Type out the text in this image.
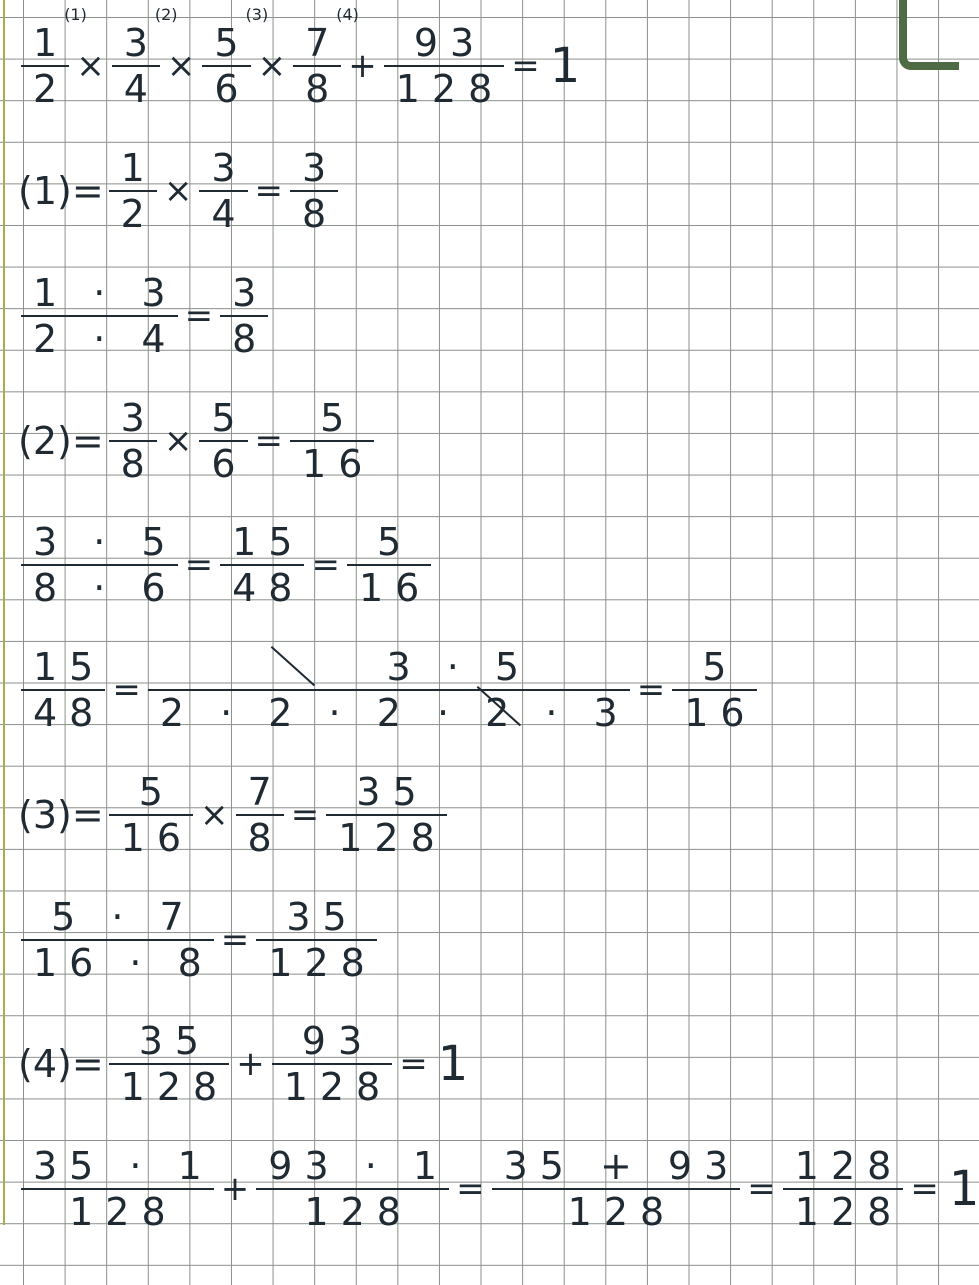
$\frac{1}{2}$
(1)
× $\frac{3}{4}$
(2)
× $\frac{5}{6}$
(3)
× $\frac{7}{8}$
(4)
+ $\frac{93}{128} = 1$
$(1)= \frac{1}{2} \times \frac{3}{4} = \frac{3}{8}$
$\frac{1 \cdot 3}{2 \cdot 4} = \frac{3}{8}$
$(2)= \frac{3}{8} \times \frac{5}{6} = \frac{5}{16}$
$\frac{3 \cdot 5}{8 \cdot 6} = \frac{15}{48} = \frac{5}{16}$
$\frac{15}{48} = \frac{3 \cdot 5}{2 \cdot 2 \cdot 2 \cdot 2 \cdot 3} = \frac{5}{16}$
$(3)= \frac{5}{16} \times \frac{7}{8} = \frac{35}{128}$
$\frac{5 \cdot 7}{16 \cdot 8} = \frac{35}{128}$
$(4)= \frac{35}{128} + \frac{93}{128} = 1$
$\frac{35 \cdot 1}{128} + \frac{93 \cdot 1}{128} = \frac{35 + 93}{128} = \frac{128}{128} = 1$
